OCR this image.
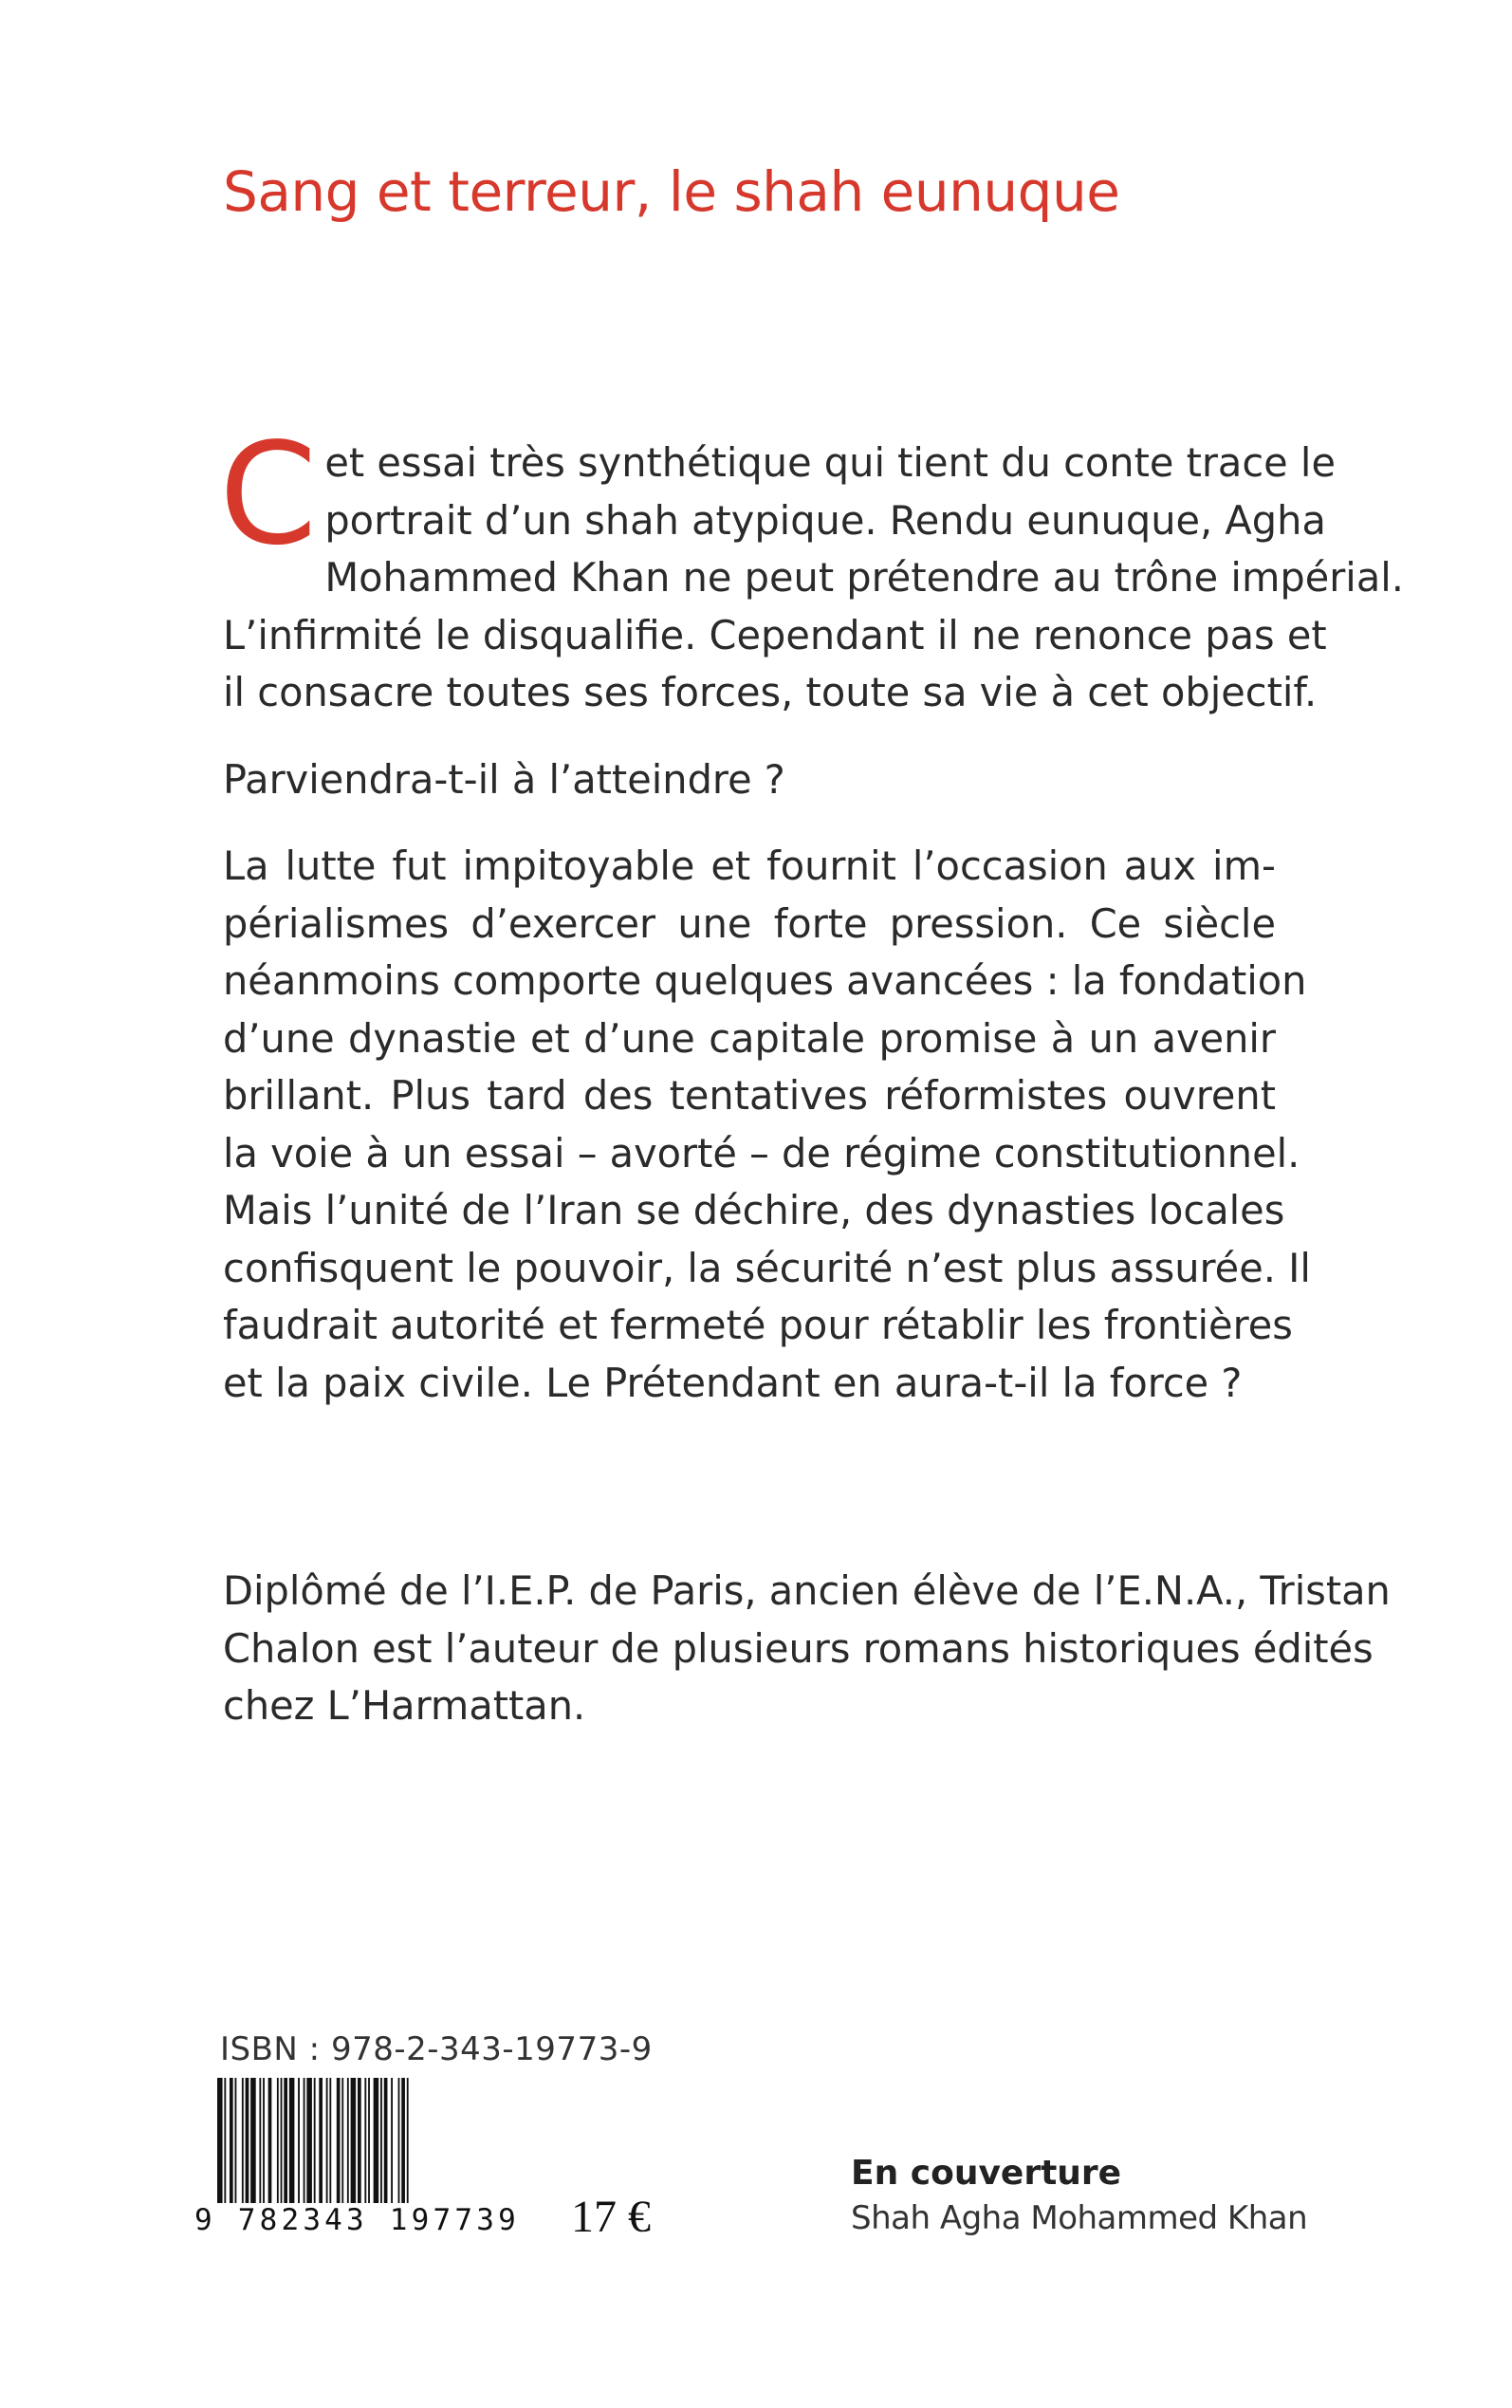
Sang et terreur, le shah eunuque
C et essai très synthétique qui tient du conte trace le
portrait d’un shah atypique. Rendu eunuque, Agha
Mohammed Khan ne peut prétendre au trône impérial.
L’infirmité le disqualifie. Cependant il ne renonce pas et
il consacre toutes ses forces, toute sa vie à cet objectif.
Parviendra-t-il à l’atteindre ?
La lutte fut impitoyable et fournit l’occasion aux im-
périalismes d’exercer une forte pression. Ce siècle
néanmoins comporte quelques avancées : la fondation
d’une dynastie et d’une capitale promise à un avenir
brillant. Plus tard des tentatives réformistes ouvrent
la voie à un essai – avorté – de régime constitutionnel.
Mais l’unité de l’Iran se déchire, des dynasties locales
confisquent le pouvoir, la sécurité n’est plus assurée. Il
faudrait autorité et fermeté pour rétablir les frontières
et la paix civile. Le Prétendant en aura-t-il la force ?
Diplômé de l’I.E.P. de Paris, ancien élève de l’E.N.A., Tristan
Chalon est l’auteur de plusieurs romans historiques édités
chez L’Harmattan.
ISBN : 978-2-343-19773-9
9 782343 197739 17 €
En couverture
Shah Agha Mohammed Khan
